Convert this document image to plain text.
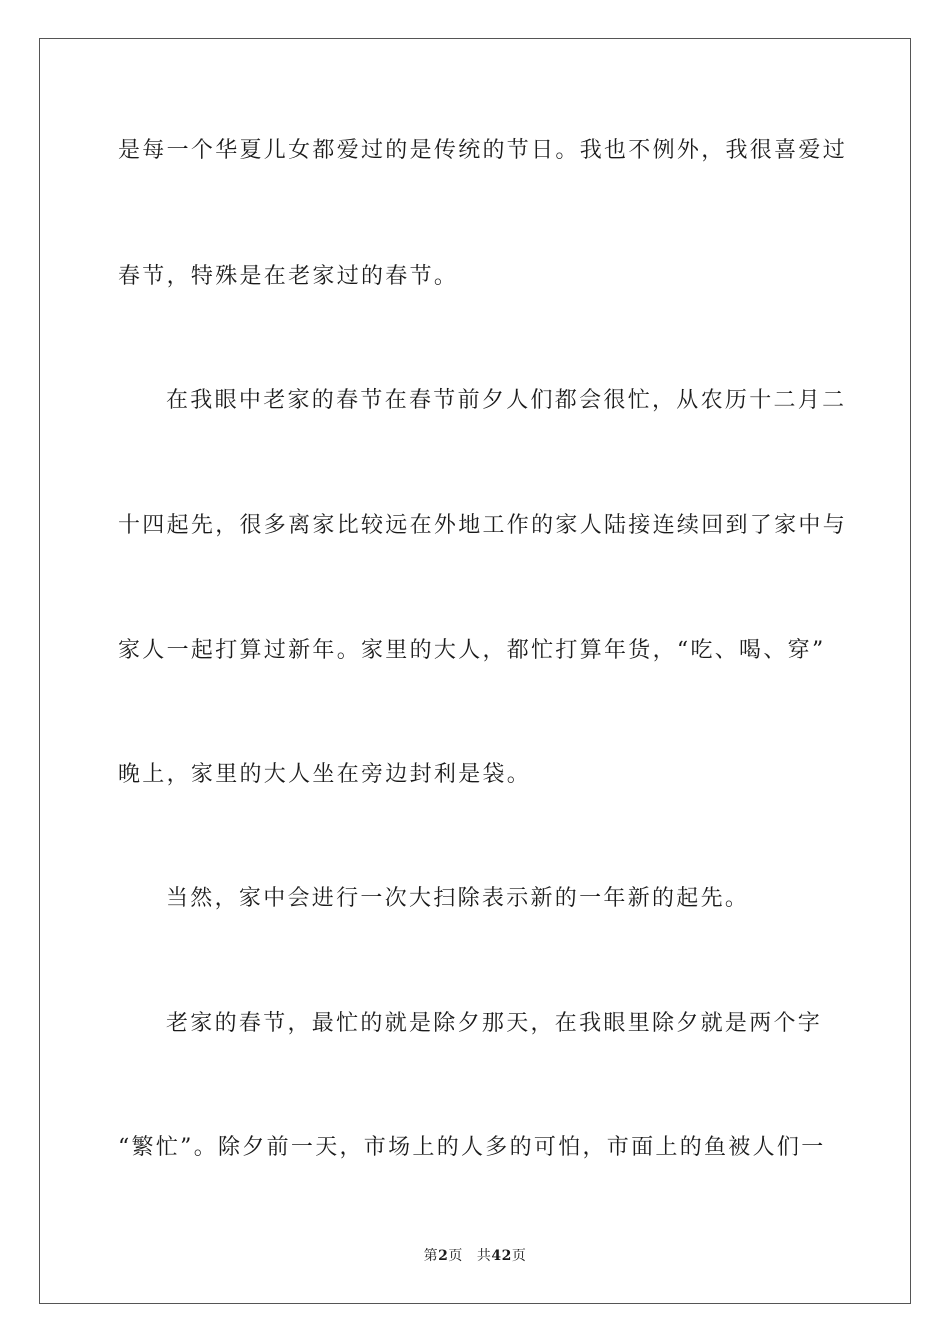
是每一个华夏儿女都爱过的是传统的节日。我也不例外，我很喜爱过
春节，特殊是在老家过的春节。
在我眼中老家的春节在春节前夕人们都会很忙，从农历十二月二
十四起先，很多离家比较远在外地工作的家人陆接连续回到了家中与
家人一起打算过新年。家里的大人，都忙打算年货，“吃、喝、穿”
晚上，家里的大人坐在旁边封利是袋。
当然，家中会进行一次大扫除表示新的一年新的起先。
老家的春节，最忙的就是除夕那天，在我眼里除夕就是两个字
“繁忙”。除夕前一天，市场上的人多的可怕，市面上的鱼被人们一
第2页 共42页
